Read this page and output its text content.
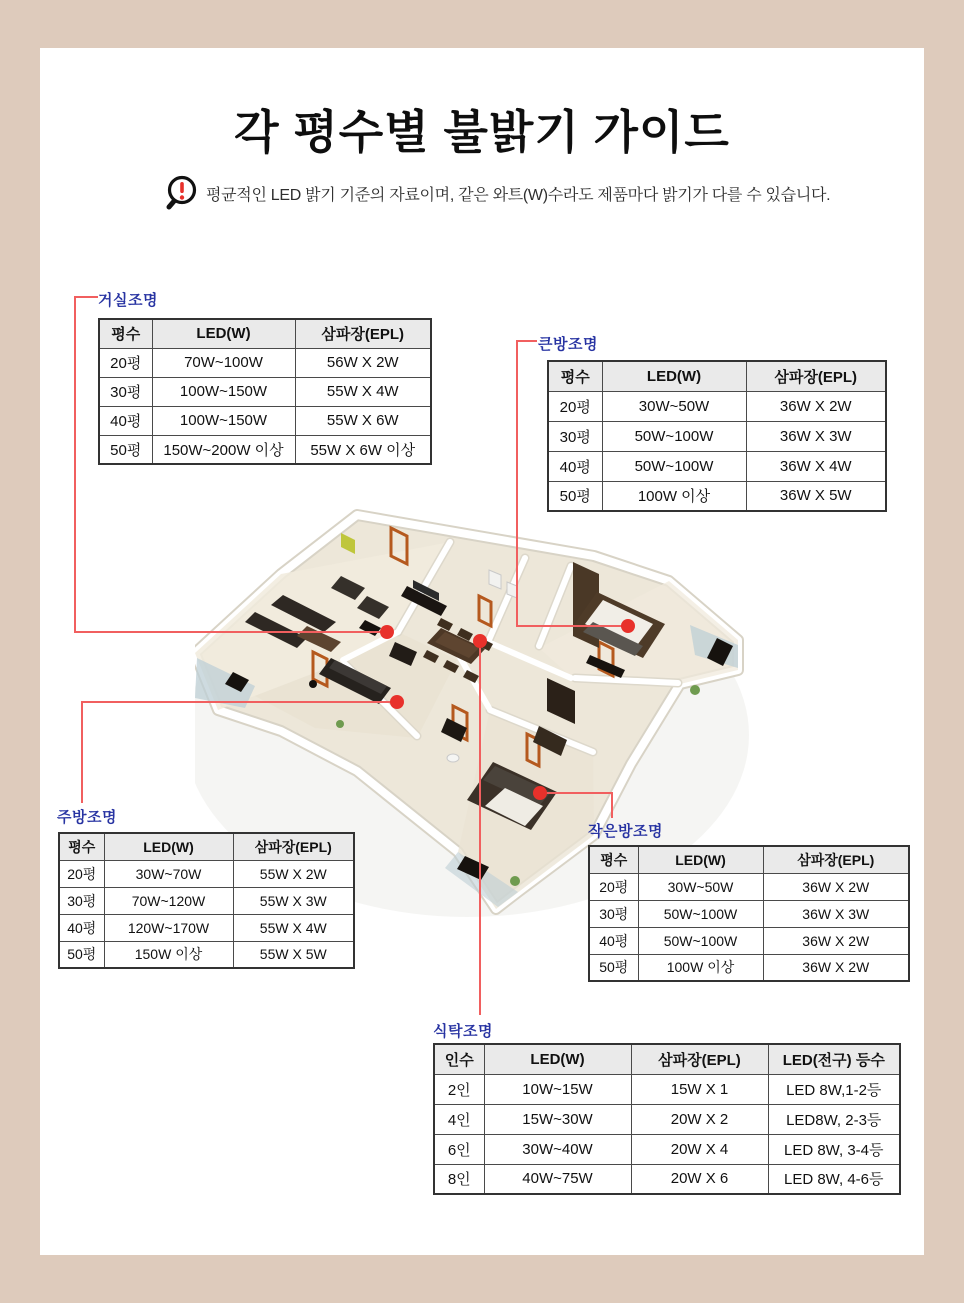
각 평수별 불밝기 가이드
평균적인 LED 밝기 기준의 자료이며, 같은 와트(W)수라도 제품마다 밝기가 다를 수 있습니다.
거실조명
평수	LED(W)	삼파장(EPL)
20평	70W~100W	56W X 2W
30평	100W~150W	55W X 4W
40평	100W~150W	55W X 6W
50평	150W~200W 이상	55W X 6W 이상
큰방조명
평수	LED(W)	삼파장(EPL)
20평	30W~50W	36W X 2W
30평	50W~100W	36W X 3W
40평	50W~100W	36W X 4W
50평	100W 이상	36W X 5W
주방조명
평수	LED(W)	삼파장(EPL)
20평	30W~70W	55W X 2W
30평	70W~120W	55W X 3W
40평	120W~170W	55W X 4W
50평	150W 이상	55W X 5W
작은방조명
평수	LED(W)	삼파장(EPL)
20평	30W~50W	36W X 2W
30평	50W~100W	36W X 3W
40평	50W~100W	36W X 2W
50평	100W 이상	36W X 2W
식탁조명
인수	LED(W)	삼파장(EPL)	LED(전구) 등수
2인	10W~15W	15W X 1	LED 8W,1-2등
4인	15W~30W	20W X 2	LED8W, 2-3등
6인	30W~40W	20W X 4	LED 8W, 3-4등
8인	40W~75W	20W X 6	LED 8W, 4-6등
